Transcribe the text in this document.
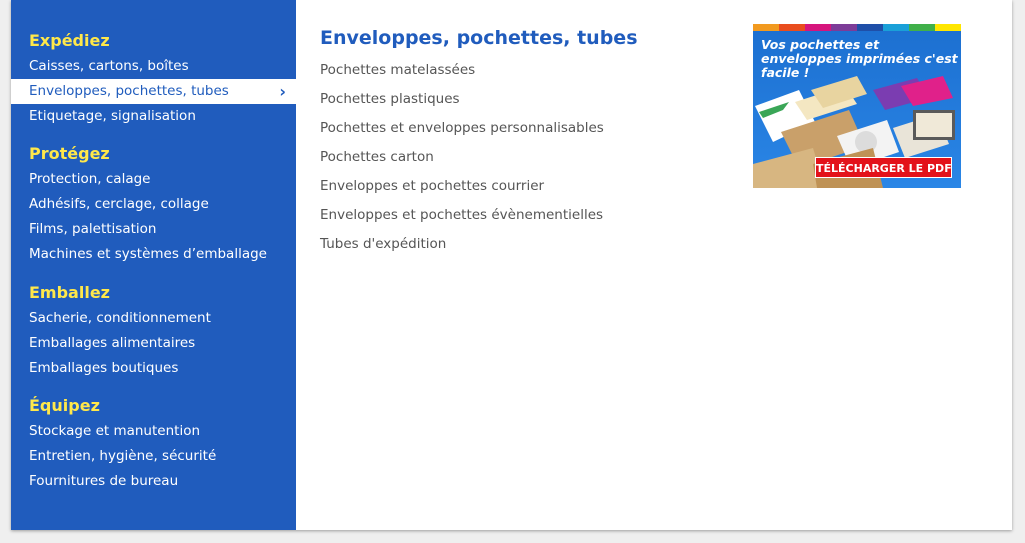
Expédiez
Caisses, cartons, boîtes
Enveloppes, pochettes, tubes	›
Etiquetage, signalisation
Protégez
Protection, calage
Adhésifs, cerclage, collage
Films, palettisation
Machines et systèmes d’emballage
Emballez
Sacherie, conditionnement
Emballages alimentaires
Emballages boutiques
Équipez
Stockage et manutention
Entretien, hygiène, sécurité
Fournitures de bureau
Enveloppes, pochettes, tubes
Pochettes matelassées
Pochettes plastiques
Pochettes et enveloppes personnalisables
Pochettes carton
Enveloppes et pochettes courrier
Enveloppes et pochettes évènementielles
Tubes d'expédition
Vos pochettes et enveloppes imprimées c'est facile !
TÉLÉCHARGER LE PDF
